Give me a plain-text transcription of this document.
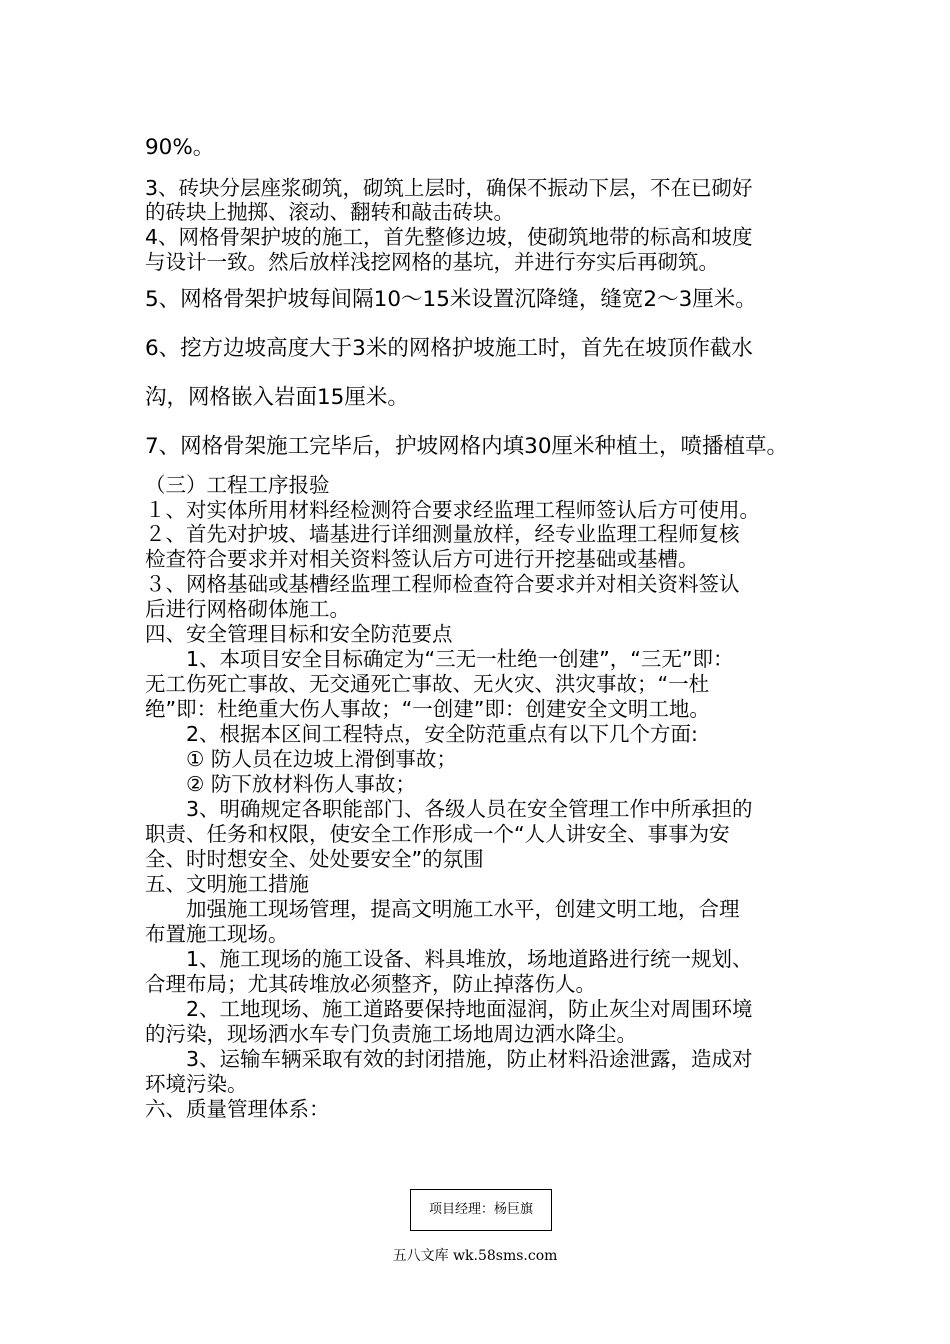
90%。
3、砖块分层座浆砌筑，砌筑上层时，确保不振动下层，不在已砌好
的砖块上抛掷、滚动、翻转和敲击砖块。
4、网格骨架护坡的施工，首先整修边坡，使砌筑地带的标高和坡度
与设计一致。然后放样浅挖网格的基坑，并进行夯实后再砌筑。
5、网格骨架护坡每间隔10～15米设置沉降缝，缝宽2～3厘米。
6、挖方边坡高度大于3米的网格护坡施工时，首先在坡顶作截水
沟，网格嵌入岩面15厘米。
7、网格骨架施工完毕后，护坡网格内填30厘米种植土，喷播植草。
（三）工程工序报验
１、对实体所用材料经检测符合要求经监理工程师签认后方可使用。
２、首先对护坡、墙基进行详细测量放样，经专业监理工程师复核
检查符合要求并对相关资料签认后方可进行开挖基础或基槽。
３、网格基础或基槽经监理工程师检查符合要求并对相关资料签认
后进行网格砌体施工。
四、安全管理目标和安全防范要点
　　1、本项目安全目标确定为“三无一杜绝一创建”，“三无”即：
无工伤死亡事故、无交通死亡事故、无火灾、洪灾事故；“一杜
绝”即：杜绝重大伤人事故；“一创建”即：创建安全文明工地。
　　2、根据本区间工程特点，安全防范重点有以下几个方面:
　　① 防人员在边坡上滑倒事故；
　　② 防下放材料伤人事故；
　　3、明确规定各职能部门、各级人员在安全管理工作中所承担的
职责、任务和权限，使安全工作形成一个“人人讲安全、事事为安
全、时时想安全、处处要安全”的氛围
五、文明施工措施
　　加强施工现场管理，提高文明施工水平，创建文明工地，合理
布置施工现场。
　　1、施工现场的施工设备、料具堆放，场地道路进行统一规划、
合理布局；尤其砖堆放必须整齐，防止掉落伤人。
　　2、工地现场、施工道路要保持地面湿润，防止灰尘对周围环境
的污染，现场洒水车专门负责施工场地周边洒水降尘。
　　3、运输车辆采取有效的封闭措施，防止材料沿途泄露，造成对
环境污染。
六、质量管理体系：
项目经理：杨巨旗
五八文库 wk.58sms.com
